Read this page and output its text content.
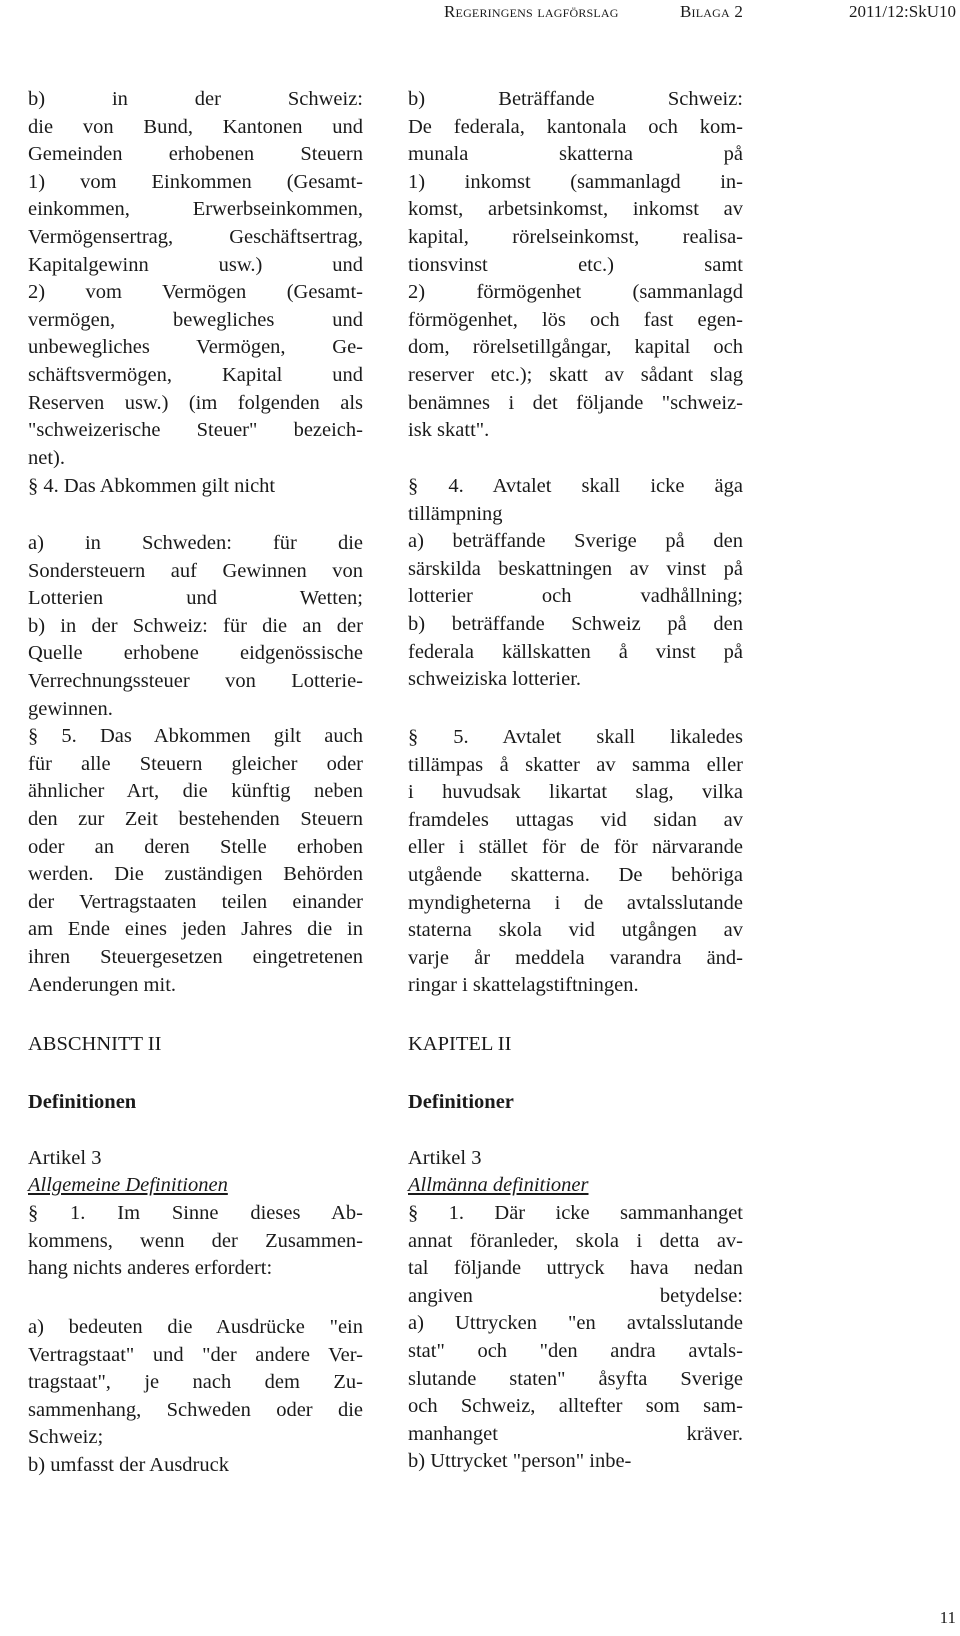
Regeringens lagförslag	Bilaga 2	2011/12:SkU10
b) in der Schweiz:
die von Bund, Kantonen und
Gemeinden erhobenen Steuern
1) vom Einkommen (Gesamt-
einkommen, Erwerbseinkommen,
Vermögensertrag, Geschäftsertrag,
Kapitalgewinn usw.) und
2) vom Vermögen (Gesamt-
vermögen, bewegliches und
unbewegliches Vermögen, Ge-
schäftsvermögen, Kapital und
Reserven usw.) (im folgenden als
"schweizerische Steuer" bezeich-
net).
§ 4. Das Abkommen gilt nicht
a) in Schweden: für die
Sondersteuern auf Gewinnen von
Lotterien und Wetten;
b) in der Schweiz: für die an der
Quelle erhobene eidgenössische
Verrechnungssteuer von Lotterie-
gewinnen.
§ 5. Das Abkommen gilt auch
für alle Steuern gleicher oder
ähnlicher Art, die künftig neben
den zur Zeit bestehenden Steuern
oder an deren Stelle erhoben
werden. Die zuständigen Behörden
der Vertragstaaten teilen einander
am Ende eines jeden Jahres die in
ihren Steuergesetzen eingetretenen
Aenderungen mit.
ABSCHNITT II
Definitionen
Artikel 3
Allgemeine Definitionen
§ 1. Im Sinne dieses Ab-
kommens, wenn der Zusammen-
hang nichts anderes erfordert:
a) bedeuten die Ausdrücke "ein
Vertragstaat" und "der andere Ver-
tragstaat", je nach dem Zu-
sammenhang, Schweden oder die
Schweiz;
b) umfasst der Ausdruck
b) Beträffande Schweiz:
De federala, kantonala och kom-
munala skatterna på
1) inkomst (sammanlagd in-
komst, arbetsinkomst, inkomst av
kapital, rörelseinkomst, realisa-
tionsvinst etc.) samt
2) förmögenhet (sammanlagd
förmögenhet, lös och fast egen-
dom, rörelsetillgångar, kapital och
reserver etc.); skatt av sådant slag
benämnes i det följande "schweiz-
isk skatt".
§ 4. Avtalet skall icke äga
tillämpning
a) beträffande Sverige på den
särskilda beskattningen av vinst på
lotterier och vadhållning;
b) beträffande Schweiz på den
federala källskatten å vinst på
schweiziska lotterier.
§ 5. Avtalet skall likaledes
tillämpas å skatter av samma eller
i huvudsak likartat slag, vilka
framdeles uttagas vid sidan av
eller i stället för de för närvarande
utgående skatterna. De behöriga
myndigheterna i de avtalsslutande
staterna skola vid utgången av
varje år meddela varandra änd-
ringar i skattelagstiftningen.
KAPITEL II
Definitioner
Artikel 3
Allmänna definitioner
§ 1. Där icke sammanhanget
annat föranleder, skola i detta av-
tal följande uttryck hava nedan
angiven betydelse:
a) Uttrycken "en avtalsslutande
stat" och "den andra avtals-
slutande staten" åsyfta Sverige
och Schweiz, alltefter som sam-
manhanget kräver.
b) Uttrycket "person" inbe-
11
